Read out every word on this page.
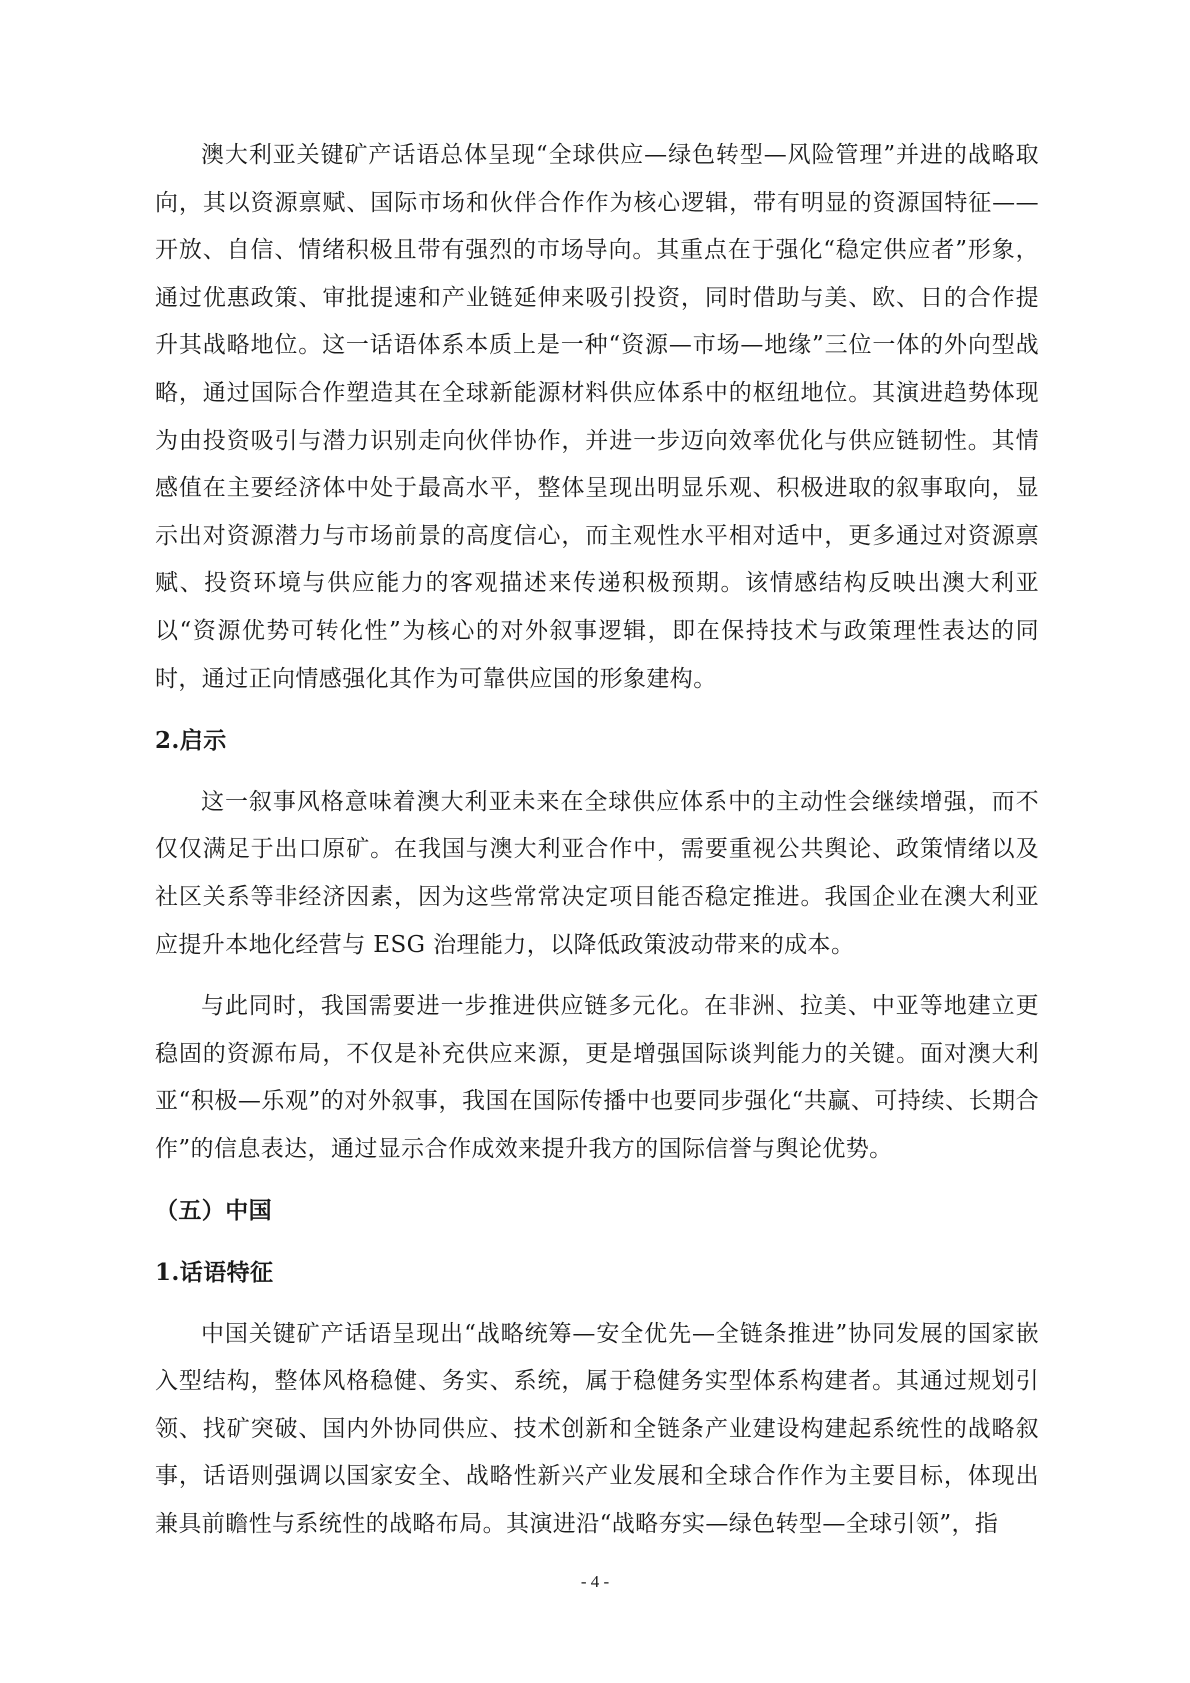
澳大利亚关键矿产话语总体呈现“全球供应—绿色转型—风险管理”并进的战略取向，其以资源禀赋、国际市场和伙伴合作作为核心逻辑，带有明显的资源国特征——开放、自信、情绪积极且带有强烈的市场导向。其重点在于强化“稳定供应者”形象，通过优惠政策、审批提速和产业链延伸来吸引投资，同时借助与美、欧、日的合作提升其战略地位。这一话语体系本质上是一种“资源—市场—地缘”三位一体的外向型战略，通过国际合作塑造其在全球新能源材料供应体系中的枢纽地位。其演进趋势体现为由投资吸引与潜力识别走向伙伴协作，并进一步迈向效率优化与供应链韧性。其情感值在主要经济体中处于最高水平，整体呈现出明显乐观、积极进取的叙事取向，显示出对资源潜力与市场前景的高度信心，而主观性水平相对适中，更多通过对资源禀赋、投资环境与供应能力的客观描述来传递积极预期。该情感结构反映出澳大利亚以“资源优势可转化性”为核心的对外叙事逻辑，即在保持技术与政策理性表达的同时，通过正向情感强化其作为可靠供应国的形象建构。

2.启示

这一叙事风格意味着澳大利亚未来在全球供应体系中的主动性会继续增强，而不仅仅满足于出口原矿。在我国与澳大利亚合作中，需要重视公共舆论、政策情绪以及社区关系等非经济因素，因为这些常常决定项目能否稳定推进。我国企业在澳大利亚应提升本地化经营与 ESG 治理能力，以降低政策波动带来的成本。

与此同时，我国需要进一步推进供应链多元化。在非洲、拉美、中亚等地建立更稳固的资源布局，不仅是补充供应来源，更是增强国际谈判能力的关键。面对澳大利亚“积极—乐观”的对外叙事，我国在国际传播中也要同步强化“共赢、可持续、长期合作”的信息表达，通过显示合作成效来提升我方的国际信誉与舆论优势。

（五）中国

1.话语特征

中国关键矿产话语呈现出“战略统筹—安全优先—全链条推进”协同发展的国家嵌入型结构，整体风格稳健、务实、系统，属于稳健务实型体系构建者。其通过规划引领、找矿突破、国内外协同供应、技术创新和全链条产业建设构建起系统性的战略叙事，话语则强调以国家安全、战略性新兴产业发展和全球合作作为主要目标，体现出兼具前瞻性与系统性的战略布局。其演进沿“战略夯实—绿色转型—全球引领”，指

- 4 -
